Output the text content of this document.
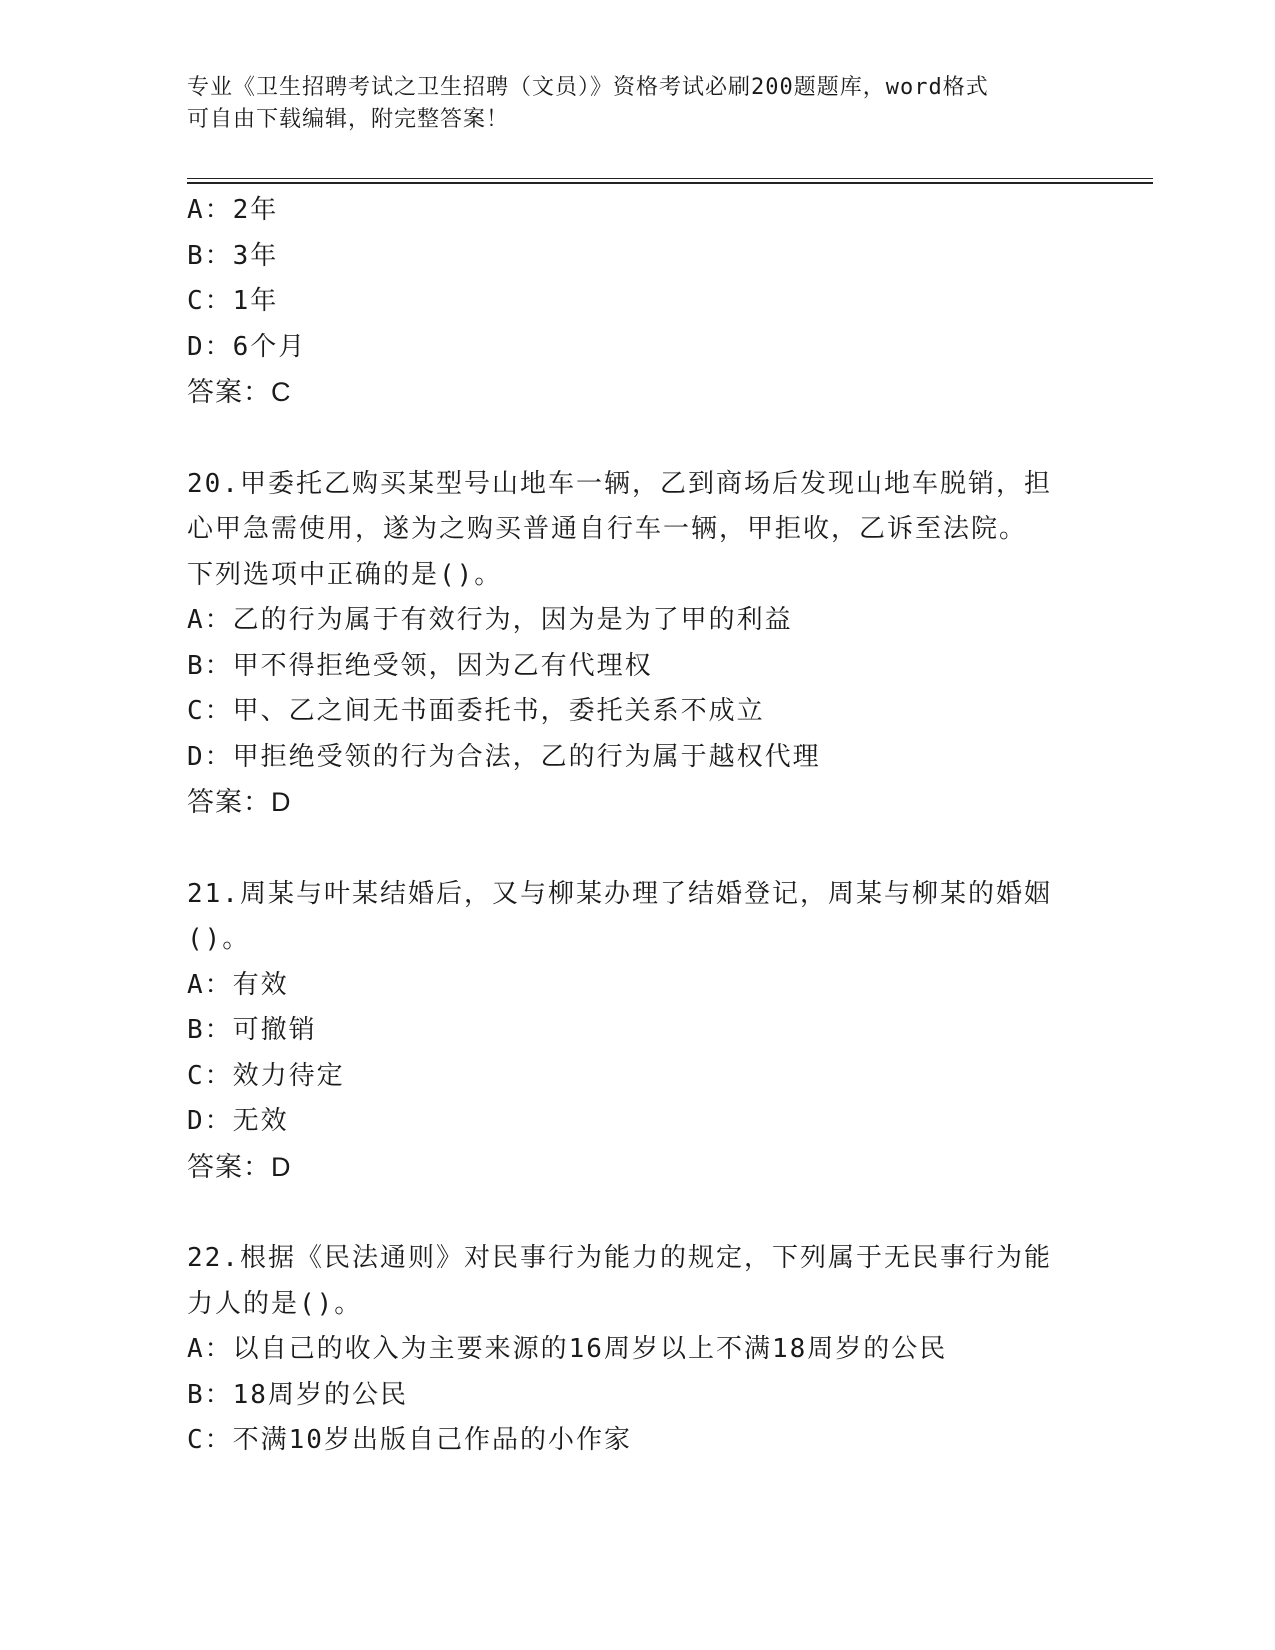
专业《卫生招聘考试之卫生招聘（文员）》资格考试必刷200题题库，word格式
可自由下载编辑，附完整答案！
A：2年
B：3年
C：1年
D：6个月
答案：C
20.甲委托乙购买某型号山地车一辆，乙到商场后发现山地车脱销，担
心甲急需使用，遂为之购买普通自行车一辆，甲拒收，乙诉至法院。
下列选项中正确的是()。
A：乙的行为属于有效行为，因为是为了甲的利益
B：甲不得拒绝受领，因为乙有代理权
C：甲、乙之间无书面委托书，委托关系不成立
D：甲拒绝受领的行为合法，乙的行为属于越权代理
答案：D
21.周某与叶某结婚后，又与柳某办理了结婚登记，周某与柳某的婚姻
()。
A：有效
B：可撤销
C：效力待定
D：无效
答案：D
22.根据《民法通则》对民事行为能力的规定，下列属于无民事行为能
力人的是()。
A：以自己的收入为主要来源的16周岁以上不满18周岁的公民
B：18周岁的公民
C：不满10岁出版自己作品的小作家
